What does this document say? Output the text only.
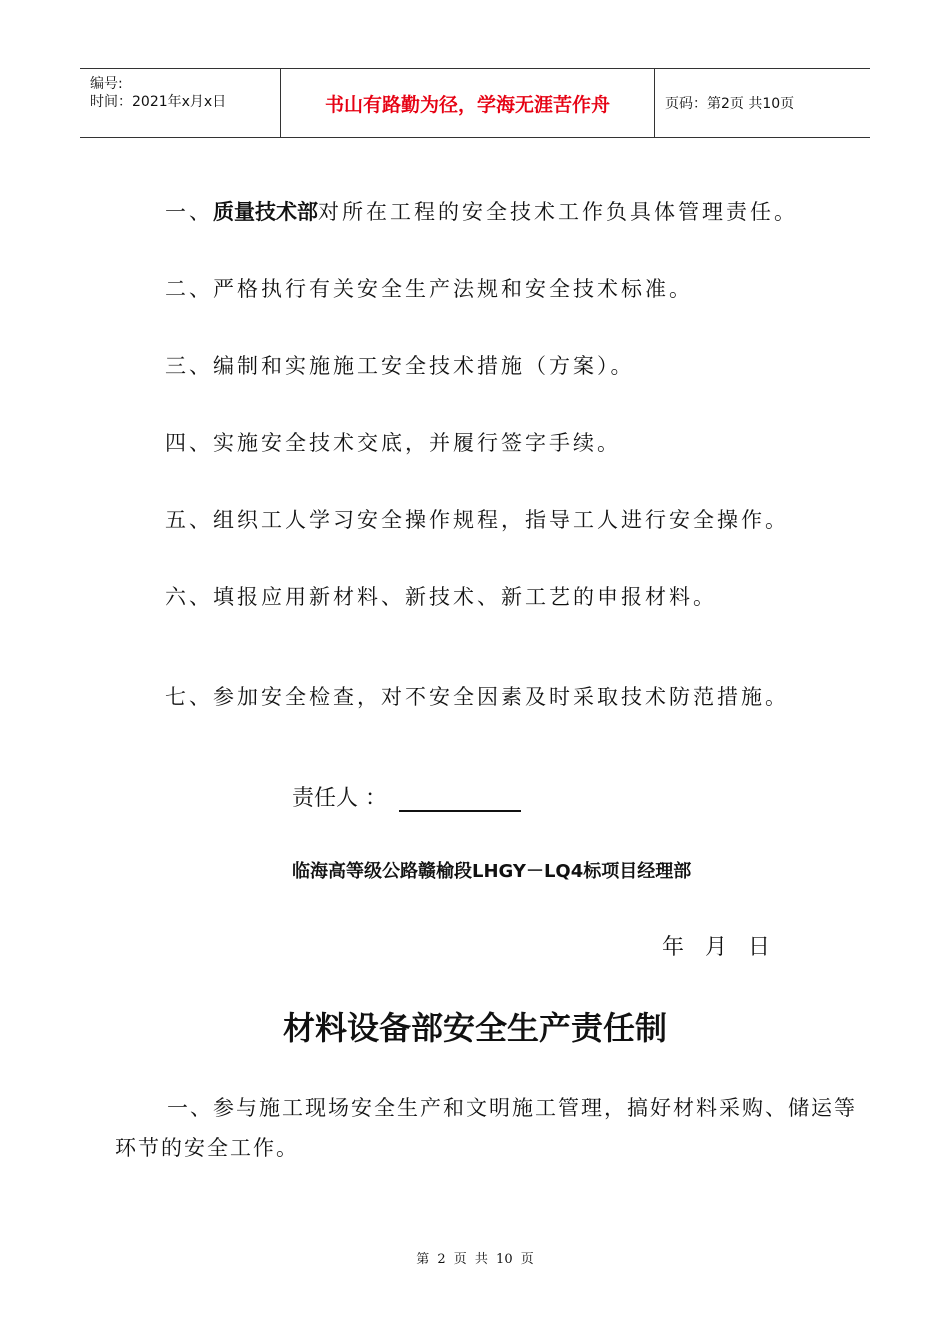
编号:
时间：2021年x月x日	书山有路勤为径，学海无涯苦作舟	页码：第2页 共10页
一、质量技术部对所在工程的安全技术工作负具体管理责任。
二、严格执行有关安全生产法规和安全技术标准。
三、编制和实施施工安全技术措施（方案）。
四、实施安全技术交底，并履行签字手续。
五、组织工人学习安全操作规程，指导工人进行安全操作。
六、填报应用新材料、新技术、新工艺的申报材料。
七、参加安全检查，对不安全因素及时采取技术防范措施。
责任人 ：
临海高等级公路赣榆段LHGY－LQ4标项目经理部
年 月 日
材料设备部安全生产责任制
一、参与施工现场安全生产和文明施工管理，搞好材料采购、储运等环节的安全工作。
第 2 页 共 10 页
